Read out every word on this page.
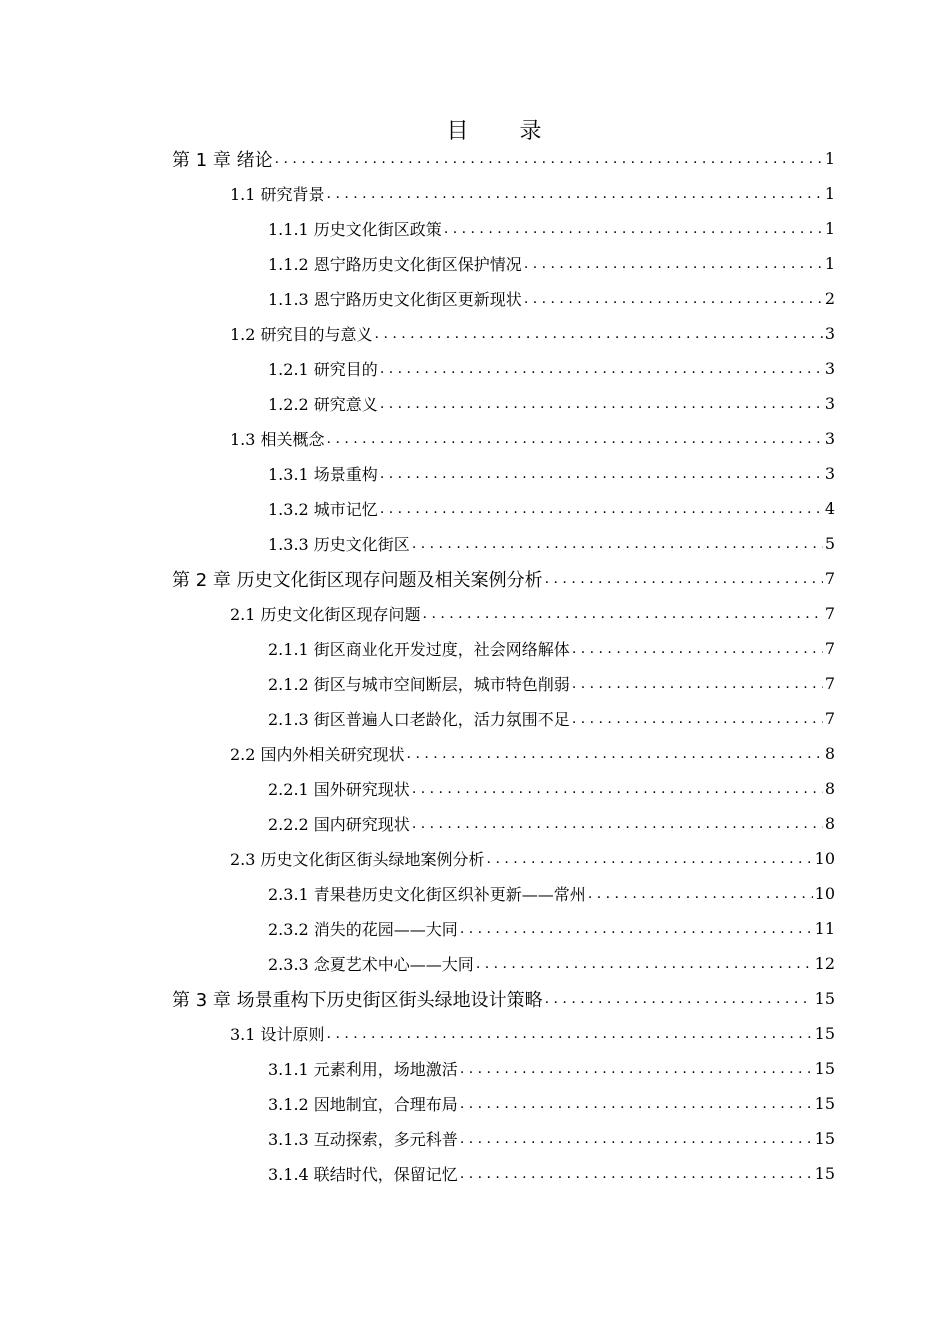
目 录
第 1 章 绪论 . . .	1
1.1 研究背景 . . .	1
1.1.1 历史文化街区政策 . . .	1
1.1.2 恩宁路历史文化街区保护情况 . . .	1
1.1.3 恩宁路历史文化街区更新现状 . . .	2
1.2 研究目的与意义 . . .	3
1.2.1 研究目的 . . .	3
1.2.2 研究意义 . . .	3
1.3 相关概念 . . .	3
1.3.1 场景重构 . . .	3
1.3.2 城市记忆 . . .	4
1.3.3 历史文化街区 . . .	5
第 2 章 历史文化街区现存问题及相关案例分析 . . .	7
2.1 历史文化街区现存问题 . . .	7
2.1.1 街区商业化开发过度，社会网络解体 . . .	7
2.1.2 街区与城市空间断层，城市特色削弱 . . .	7
2.1.3 街区普遍人口老龄化，活力氛围不足 . . .	7
2.2 国内外相关研究现状 . . .	8
2.2.1 国外研究现状 . . .	8
2.2.2 国内研究现状 . . .	8
2.3 历史文化街区街头绿地案例分析 . . .	10
2.3.1 青果巷历史文化街区织补更新——常州 . . .	10
2.3.2 消失的花园——大同 . . .	11
2.3.3 念夏艺术中心——大同 . . .	12
第 3 章 场景重构下历史街区街头绿地设计策略 . . .	15
3.1 设计原则 . . .	15
3.1.1 元素利用，场地激活 . . .	15
3.1.2 因地制宜，合理布局 . . .	15
3.1.3 互动探索，多元科普 . . .	15
3.1.4 联结时代，保留记忆 . . .	15
